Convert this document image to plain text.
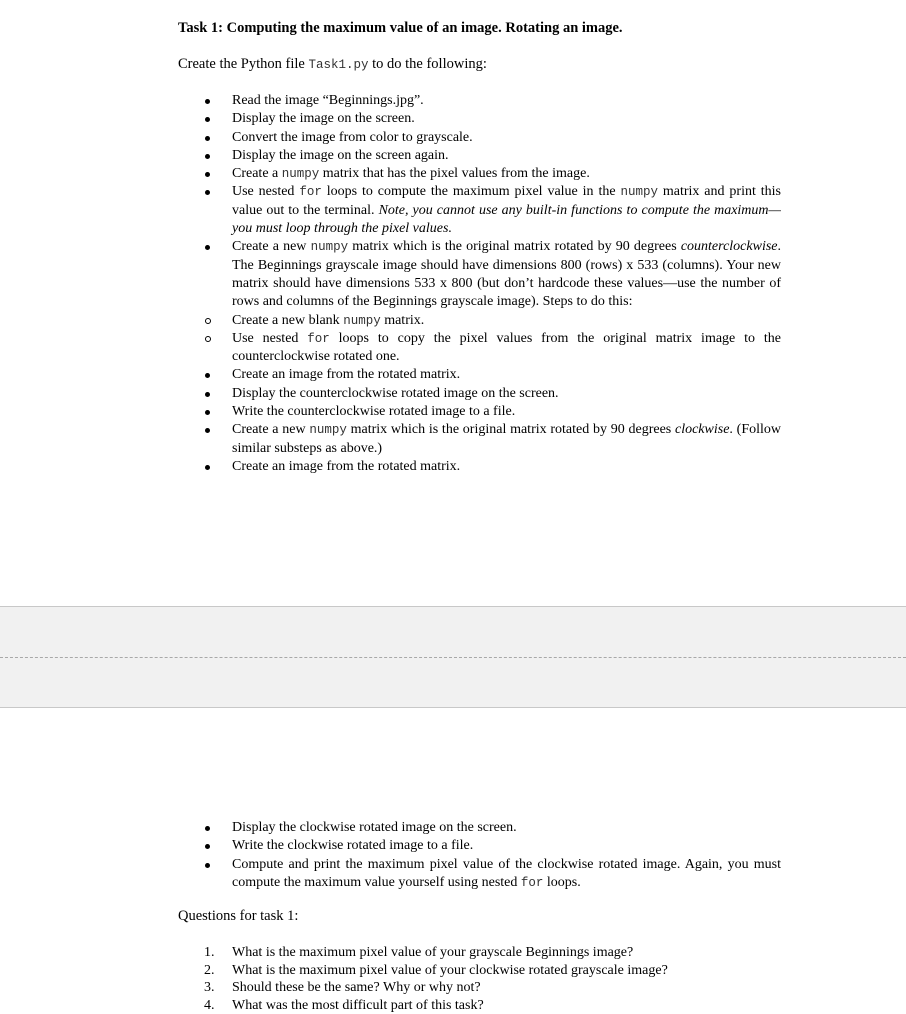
Task 1: Computing the maximum value of an image. Rotating an image.
Create the Python file Task1.py to do the following:
Read the image “Beginnings.jpg”.
Display the image on the screen.
Convert the image from color to grayscale.
Display the image on the screen again.
Create a numpy matrix that has the pixel values from the image.
Use nested for loops to compute the maximum pixel value in the numpy matrix and print this value out to the terminal. Note, you cannot use any built-in functions to compute the maximum—you must loop through the pixel values.
Create a new numpy matrix which is the original matrix rotated by 90 degrees counterclockwise. The Beginnings grayscale image should have dimensions 800 (rows) x 533 (columns). Your new matrix should have dimensions 533 x 800 (but don’t hardcode these values—use the number of rows and columns of the Beginnings grayscale image). Steps to do this:
Create a new blank numpy matrix.
Use nested for loops to copy the pixel values from the original matrix image to the counterclockwise rotated one.
Create an image from the rotated matrix.
Display the counterclockwise rotated image on the screen.
Write the counterclockwise rotated image to a file.
Create a new numpy matrix which is the original matrix rotated by 90 degrees clockwise. (Follow similar substeps as above.)
Create an image from the rotated matrix.
Display the clockwise rotated image on the screen.
Write the clockwise rotated image to a file.
Compute and print the maximum pixel value of the clockwise rotated image. Again, you must compute the maximum value yourself using nested for loops.
Questions for task 1:
1. What is the maximum pixel value of your grayscale Beginnings image?
2. What is the maximum pixel value of your clockwise rotated grayscale image?
3. Should these be the same? Why or why not?
4. What was the most difficult part of this task?
